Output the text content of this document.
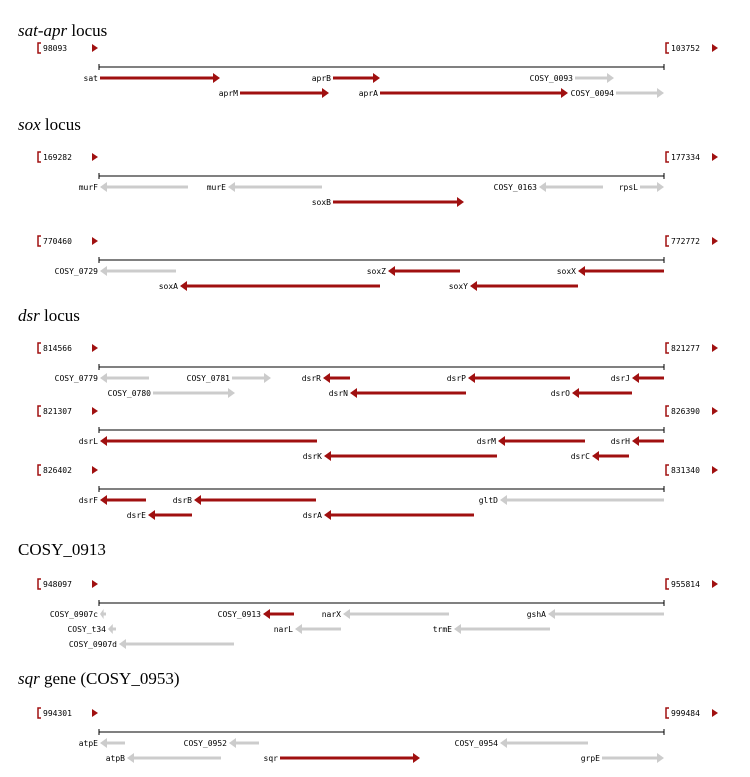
sat-apr locus
98093	103752
sat	aprB	COSY_0093
aprM	aprA	COSY_0094
sox locus
169282	177334
murF	murE	COSY_0163	rpsL
soxB
770460	772772
COSY_0729	soxZ	soxX
soxA	soxY
dsr locus
814566	821277
COSY_0779	COSY_0781	dsrR	dsrP	dsrJ
COSY_0780	dsrN	dsrO
821307	826390
dsrL	dsrM	dsrH
dsrK	dsrC
826402	831340
dsrF	dsrB	gltD
dsrE	dsrA
COSY_0913
948097	955814
COSY_0907c	COSY_0913	narX	gshA
COSY_t34	narL	trmE
COSY_0907d
sqr gene (COSY_0953)
994301	999484
atpE	COSY_0952	COSY_0954
atpB	sqr	grpE
